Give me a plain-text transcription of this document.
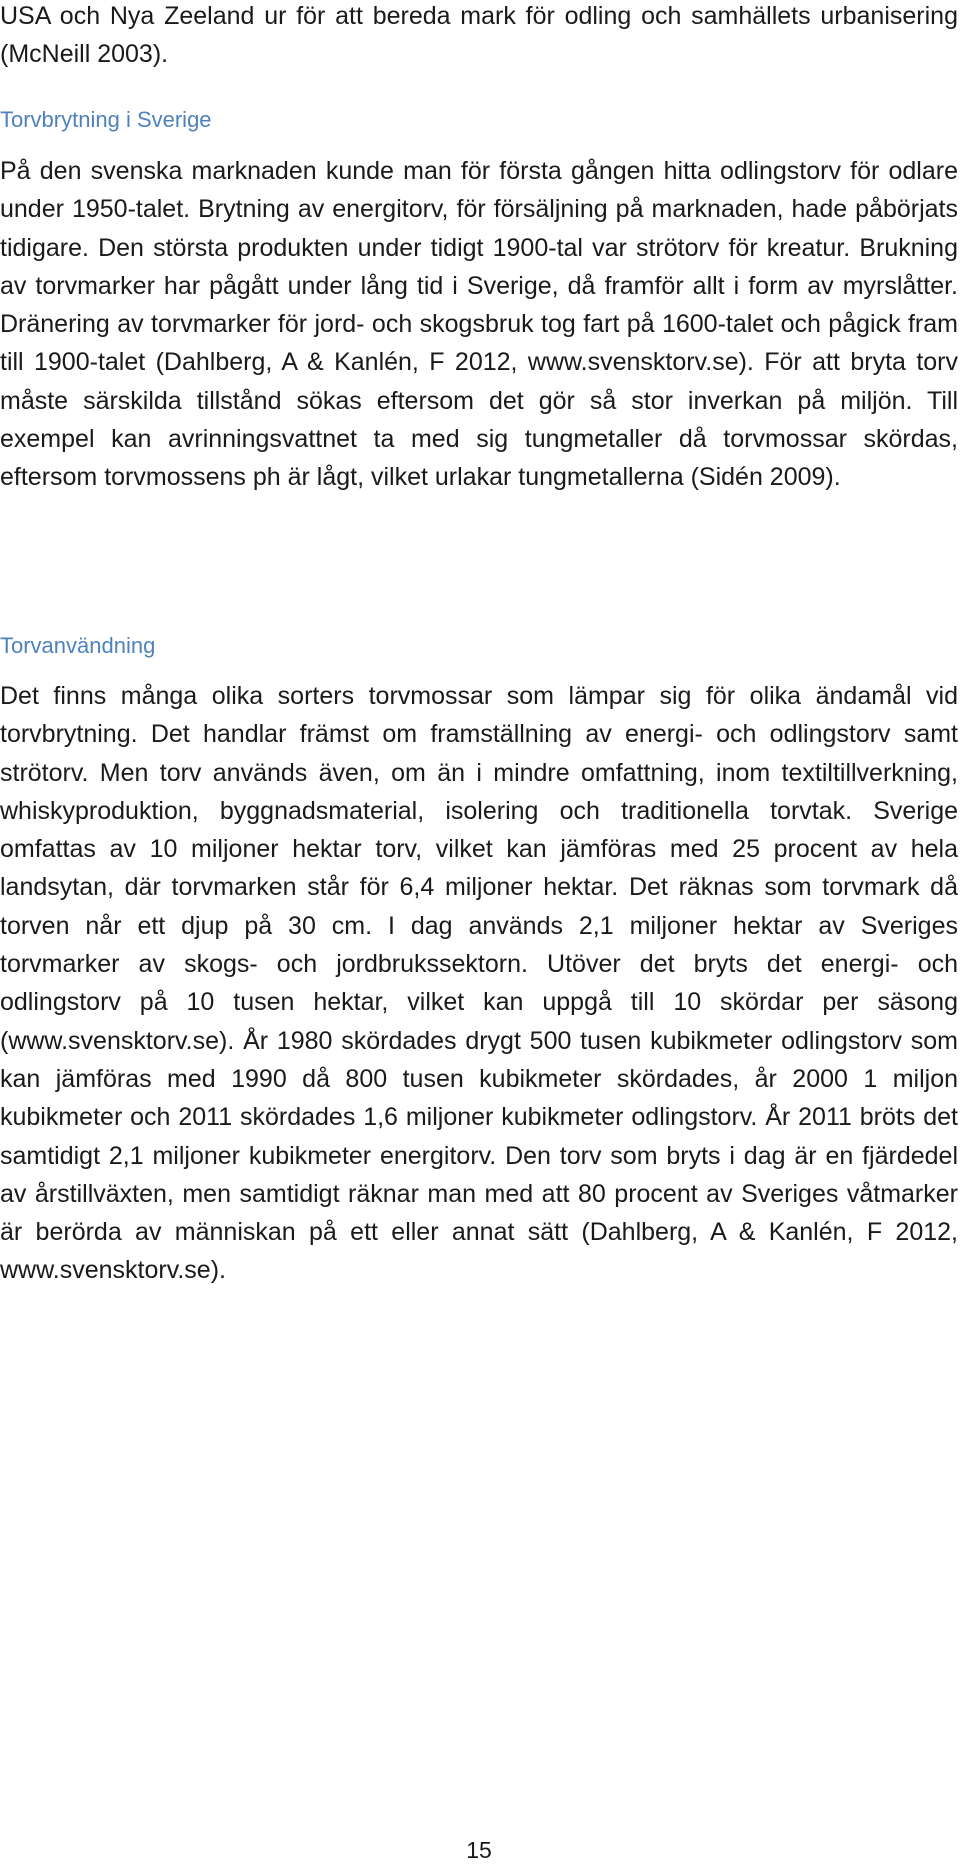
USA och Nya Zeeland ur för att bereda mark för odling och samhällets urbanisering (McNeill 2003).

Torvbrytning i Sverige

På den svenska marknaden kunde man för första gången hitta odlingstorv för odlare under 1950-talet. Brytning av energitorv, för försäljning på marknaden, hade påbörjats tidigare. Den största produkten under tidigt 1900-tal var strötorv för kreatur. Brukning av torvmarker har pågått under lång tid i Sverige, då framför allt i form av myrslåtter. Dränering av torvmarker för jord- och skogsbruk tog fart på 1600-talet och pågick fram till 1900-talet (Dahlberg, A & Kanlén, F 2012, www.svensktorv.se). För att bryta torv måste särskilda tillstånd sökas eftersom det gör så stor inverkan på miljön. Till exempel kan avrinningsvattnet ta med sig tungmetaller då torvmossar skördas, eftersom torvmossens ph är lågt, vilket urlakar tungmetallerna (Sidén 2009).

Torvanvändning

Det finns många olika sorters torvmossar som lämpar sig för olika ändamål vid torvbrytning. Det handlar främst om framställning av energi- och odlingstorv samt strötorv. Men torv används även, om än i mindre omfattning, inom textiltillverkning, whiskyproduktion, byggnadsmaterial, isolering och traditionella torvtak. Sverige omfattas av 10 miljoner hektar torv, vilket kan jämföras med 25 procent av hela landsytan, där torvmarken står för 6,4 miljoner hektar. Det räknas som torvmark då torven når ett djup på 30 cm. I dag används 2,1 miljoner hektar av Sveriges torvmarker av skogs- och jordbrukssektorn. Utöver det bryts det energi- och odlingstorv på 10 tusen hektar, vilket kan uppgå till 10 skördar per säsong (www.svensktorv.se). År 1980 skördades drygt 500 tusen kubikmeter odlingstorv som kan jämföras med 1990 då 800 tusen kubikmeter skördades, år 2000 1 miljon kubikmeter och 2011 skördades 1,6 miljoner kubikmeter odlingstorv. År 2011 bröts det samtidigt 2,1 miljoner kubikmeter energitorv. Den torv som bryts i dag är en fjärdedel av årstillväxten, men samtidigt räknar man med att 80 procent av Sveriges våtmarker är berörda av människan på ett eller annat sätt (Dahlberg, A & Kanlén, F 2012, www.svensktorv.se).

15
